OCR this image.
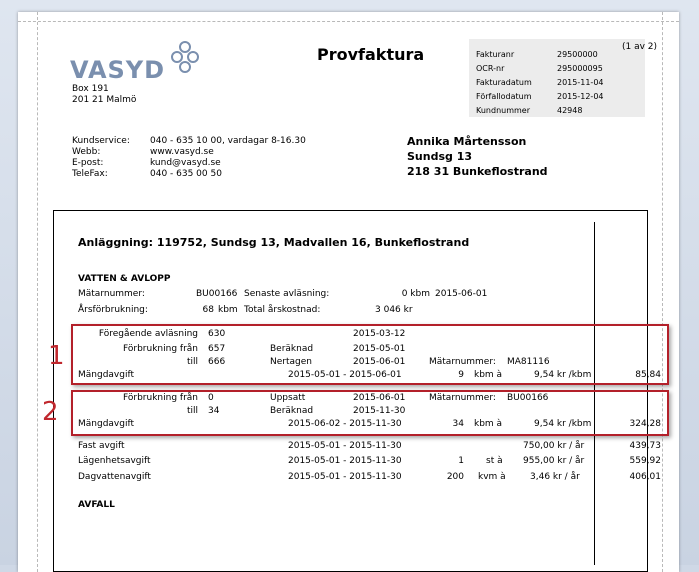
VASYD
Box 191
201 21 Malmö
Provfaktura	Fakturanr	29500000
OCR-nr	295000095
Fakturadatum	2015-11-04
Förfallodatum	2015-12-04
Kundnummer	42948
(1 av 2)
Kundservice: 040 - 635 10 00, vardagar 8-16.30
Webb:	www.vasyd.se
E-post:	kund@vasyd.se
TeleFax:	040 - 635 00 50
Annika Mårtensson
Sundsg 13
218 31 Bunkeflostrand
Anläggning: 119752, Sundsg 13, Madvallen 16, Bunkeflostrand
VATTEN & AVLOPP
Mätarnummer:	BU00166 Senaste avläsning:	0 kbm 2015-06-01
Årsförbrukning:	68 kbm Total årskostnad:	3 046 kr
1
Föregående avläsning 630	2015-03-12
Förbrukning från 657	Beräknad	2015-05-01
till 666	Nertagen	2015-06-01	Mätarnummer: MA81116
Mängdavgift	2015-05-01 - 2015-06-01	9 kbm à	9,54 kr /kbm	85,84
2	Förbrukning från 0	Uppsatt	2015-06-01	Mätarnummer: BU00166
till 34	Beräknad	2015-11-30
Mängdavgift	2015-06-02 - 2015-11-30	34 kbm à	9,54 kr /kbm	324,28
Fast avgift	2015-05-01 - 2015-11-30	750,00 kr / år	439,73
Lägenhetsavgift	2015-05-01 - 2015-11-30	1 st à 955,00 kr / år	559,92
Dagvattenavgift	2015-05-01 - 2015-11-30	200 kvm à	3,46 kr / år	406,01
AVFALL
